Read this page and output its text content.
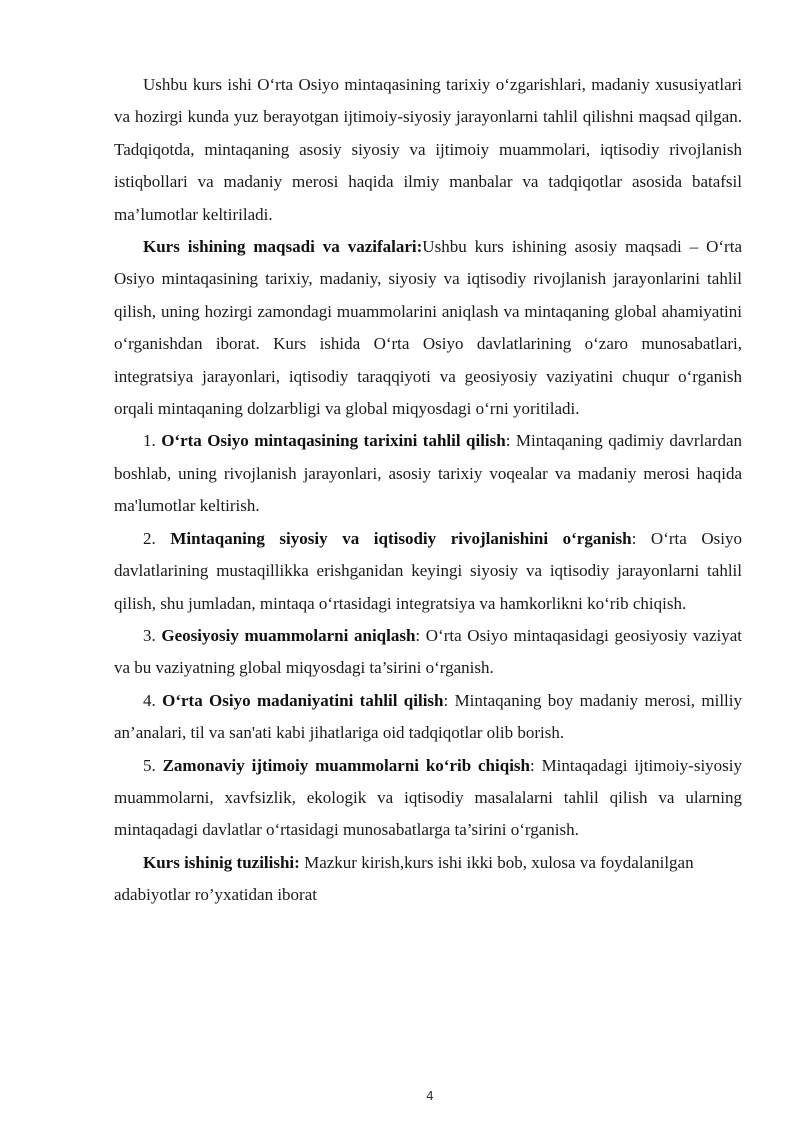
Ushbu kurs ishi O‘rta Osiyo mintaqasining tarixiy o‘zgarishlari, madaniy xususiyatlari va hozirgi kunda yuz berayotgan ijtimoiy-siyosiy jarayonlarni tahlil qilishni maqsad qilgan. Tadqiqotda, mintaqaning asosiy siyosiy va ijtimoiy muammolari, iqtisodiy rivojlanish istiqbollari va madaniy merosi haqida ilmiy manbalar va tadqiqotlar asosida batafsil ma’lumotlar keltiriladi.

Kurs ishining maqsadi va vazifalari:Ushbu kurs ishining asosiy maqsadi – O‘rta Osiyo mintaqasining tarixiy, madaniy, siyosiy va iqtisodiy rivojlanish jarayonlarini tahlil qilish, uning hozirgi zamondagi muammolarini aniqlash va mintaqaning global ahamiyatini o‘rganishdan iborat. Kurs ishida O‘rta Osiyo davlatlarining o‘zaro munosabatlari, integratsiya jarayonlari, iqtisodiy taraqqiyoti va geosiyosiy vaziyatini chuqur o‘rganish orqali mintaqaning dolzarbligi va global miqyosdagi o‘rni yoritiladi.

1. O‘rta Osiyo mintaqasining tarixini tahlil qilish: Mintaqaning qadimiy davrlardan boshlab, uning rivojlanish jarayonlari, asosiy tarixiy voqealar va madaniy merosi haqida ma'lumotlar keltirish.

2. Mintaqaning siyosiy va iqtisodiy rivojlanishini o‘rganish: O‘rta Osiyo davlatlarining mustaqillikka erishganidan keyingi siyosiy va iqtisodiy jarayonlarni tahlil qilish, shu jumladan, mintaqa o‘rtasidagi integratsiya va hamkorlikni ko‘rib chiqish.

3. Geosiyosiy muammolarni aniqlash: O‘rta Osiyo mintaqasidagi geosiyosiy vaziyat va bu vaziyatning global miqyosdagi ta’sirini o‘rganish.

4. O‘rta Osiyo madaniyatini tahlil qilish: Mintaqaning boy madaniy merosi, milliy an’analari, til va san'ati kabi jihatlariga oid tadqiqotlar olib borish.

5. Zamonaviy ijtimoiy muammolarni ko‘rib chiqish: Mintaqadagi ijtimoiy-siyosiy muammolarni, xavfsizlik, ekologik va iqtisodiy masalalarni tahlil qilish va ularning mintaqadagi davlatlar o‘rtasidagi munosabatlarga ta’sirini o‘rganish.

Kurs ishinig tuzilishi: Mazkur kirish,kurs ishi ikki bob, xulosa va foydalanilgan adabiyotlar ro’yxatidan iborat

4
